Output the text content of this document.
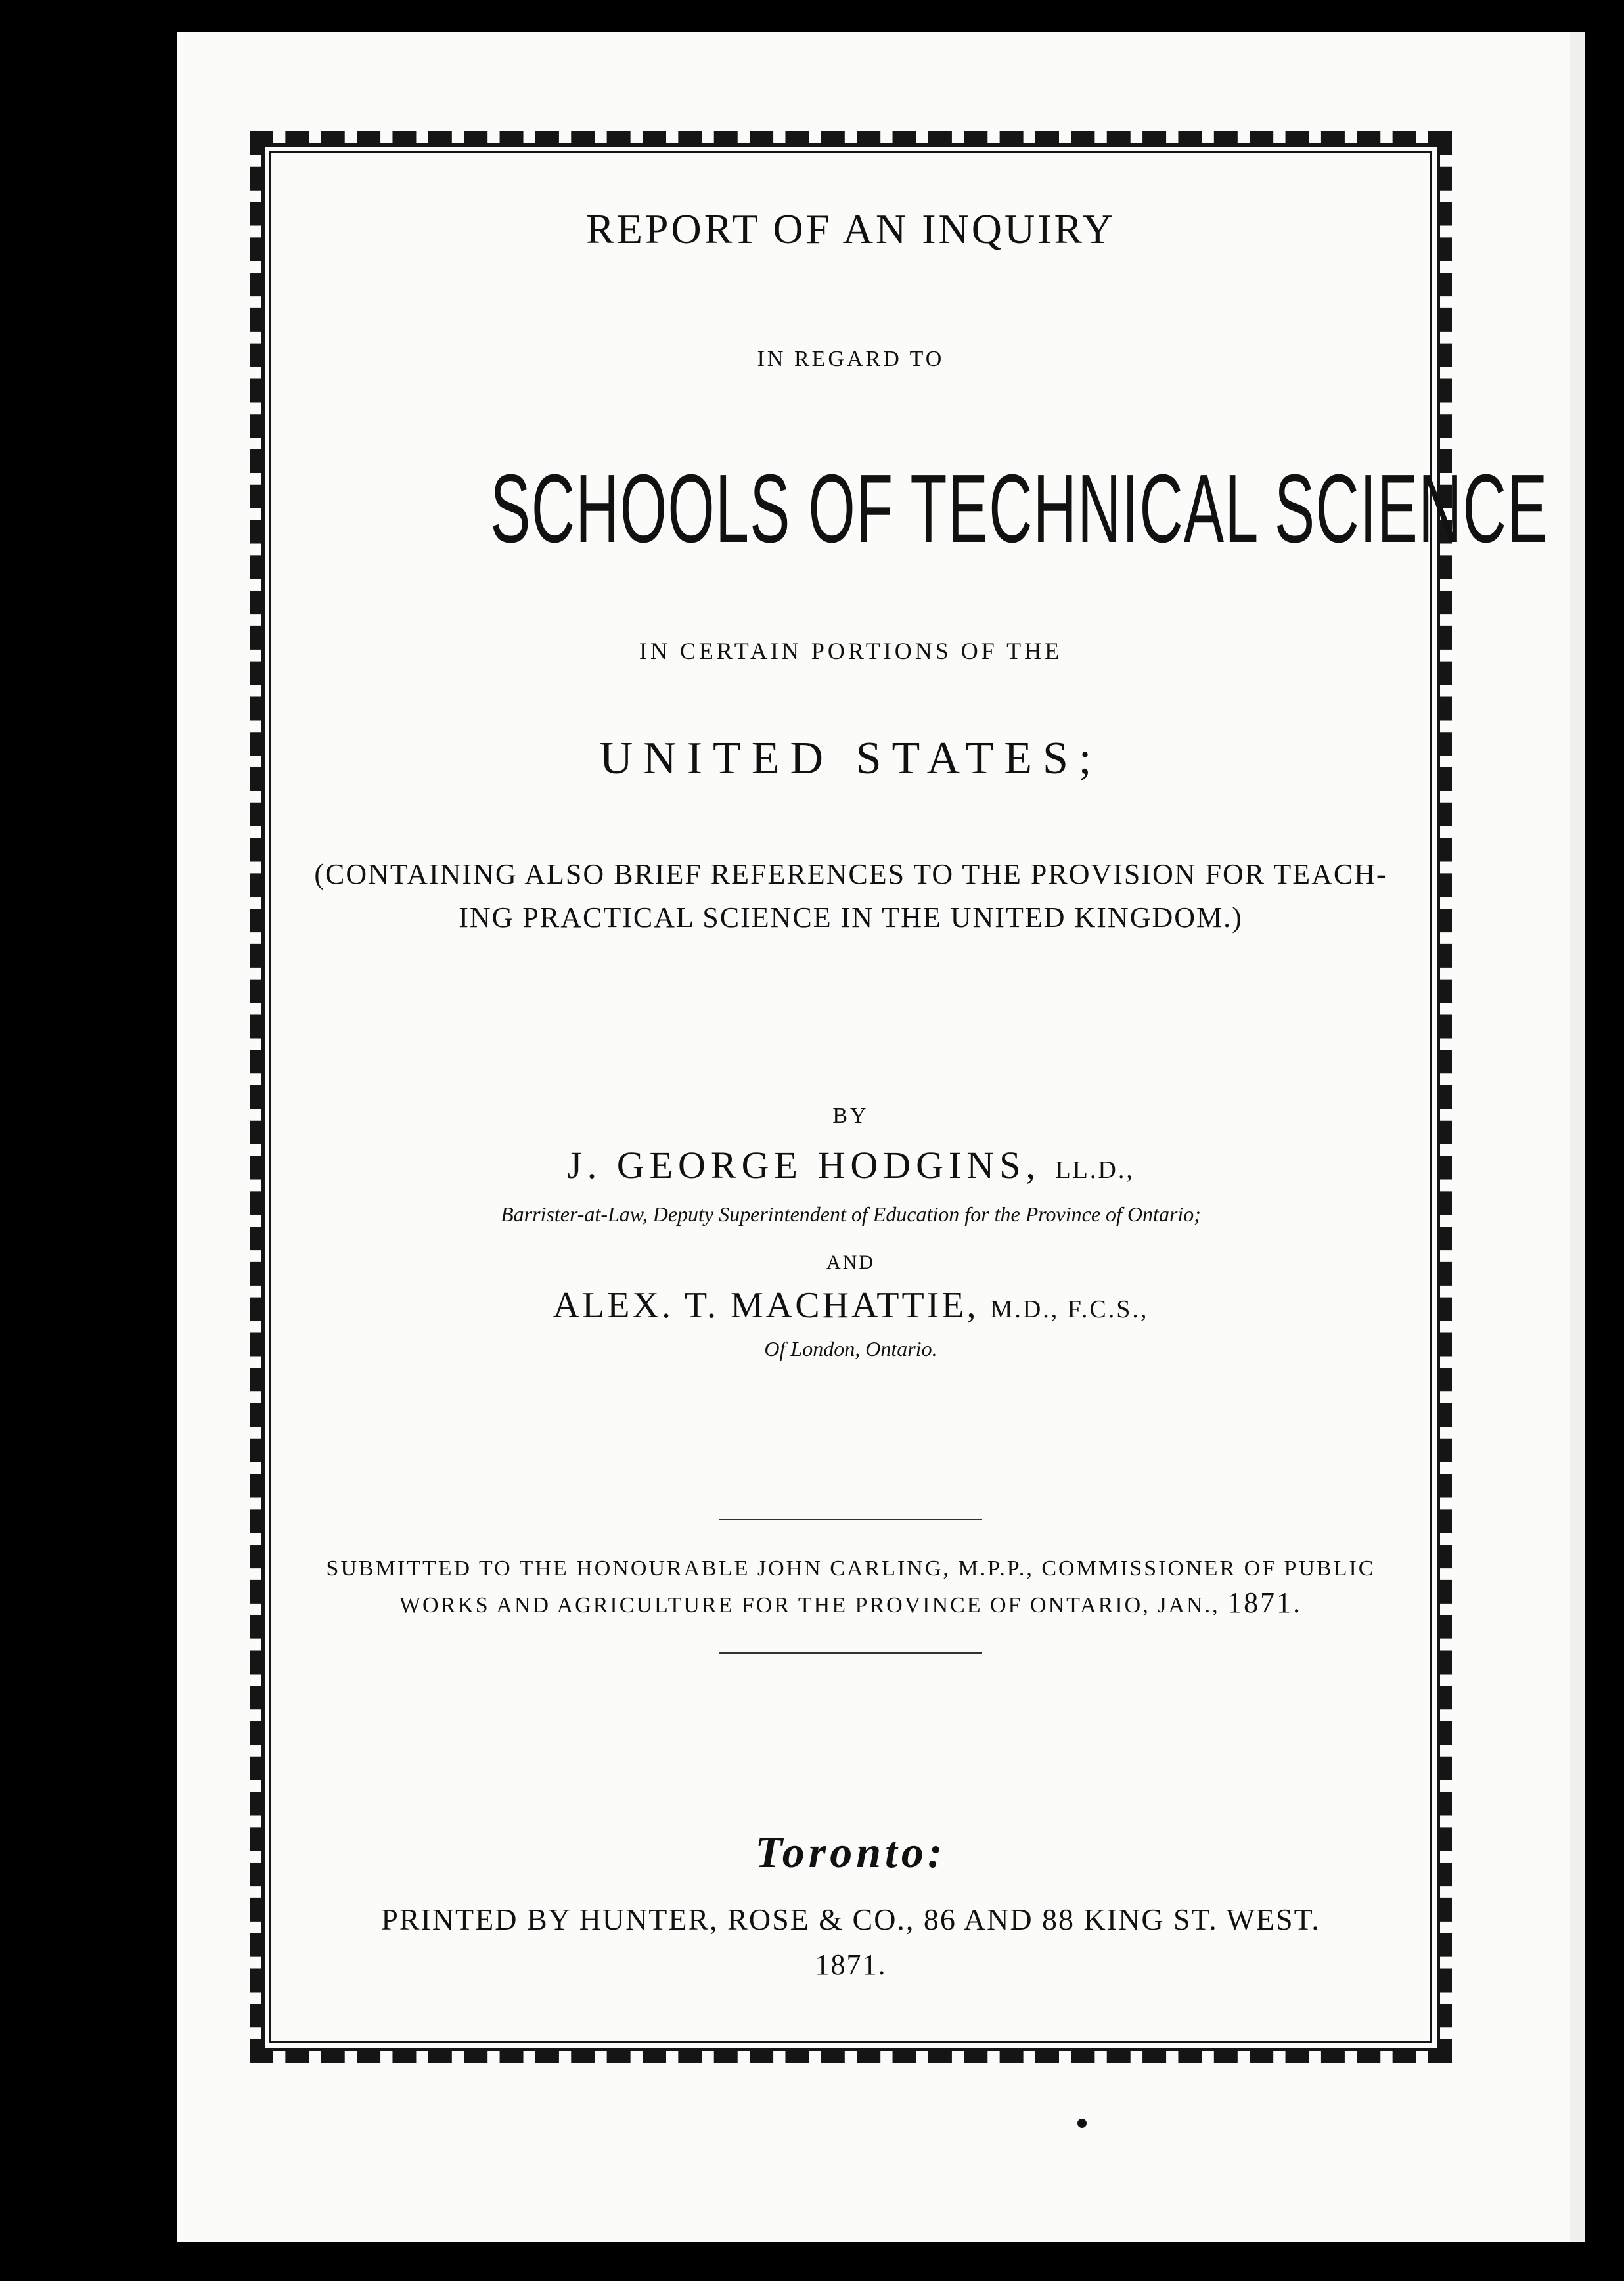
REPORT OF AN INQUIRY
IN REGARD TO
SCHOOLS OF TECHNICAL SCIENCE
IN CERTAIN PORTIONS OF THE
UNITED STATES;
(CONTAINING ALSO BRIEF REFERENCES TO THE PROVISION FOR TEACH-
ING PRACTICAL SCIENCE IN THE UNITED KINGDOM.)
BY
J. GEORGE HODGINS, LL.D.,
Barrister-at-Law, Deputy Superintendent of Education for the Province of Ontario;
AND
ALEX. T. MACHATTIE, M.D., F.C.S.,
Of London, Ontario.
SUBMITTED TO THE HONOURABLE JOHN CARLING, M.P.P., COMMISSIONER OF PUBLIC
WORKS AND AGRICULTURE FOR THE PROVINCE OF ONTARIO, JAN., 1871.
Toronto:
PRINTED BY HUNTER, ROSE & CO., 86 AND 88 KING ST. WEST.
1871.
